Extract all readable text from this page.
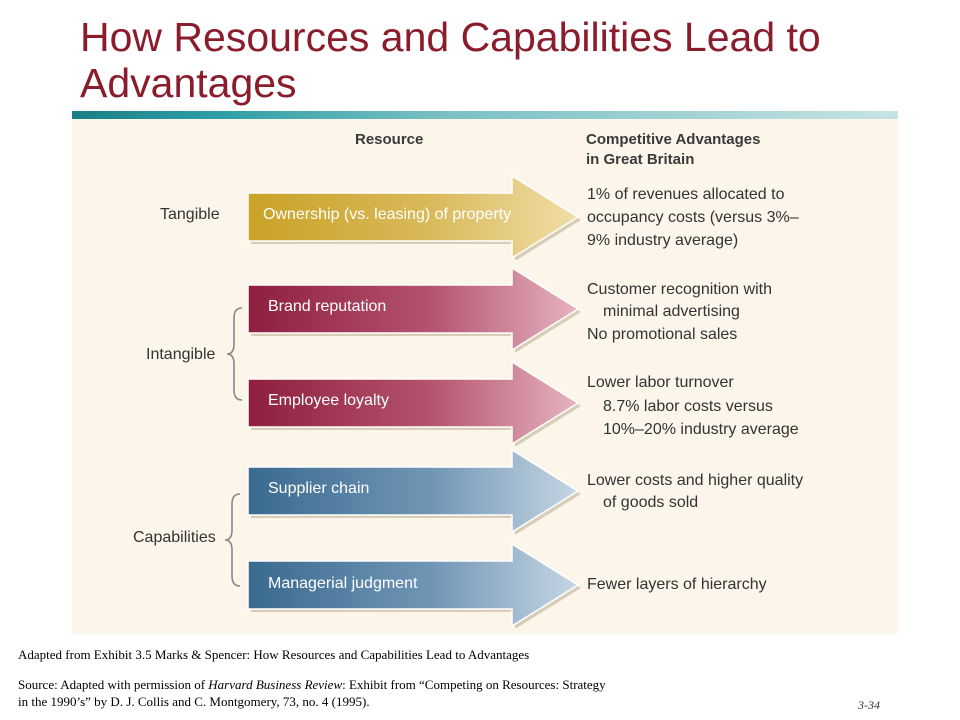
How Resources and Capabilities Lead to Advantages
Resource	Competitive Advantages
in Great Britain
Tangible
Intangible
Capabilities
Ownership (vs. leasing) of property
Brand reputation
Employee loyalty
Supplier chain
Managerial judgment
1% of revenues allocated to
occupancy costs (versus 3%–
9% industry average)
Customer recognition with
minimal advertising
No promotional sales
Lower labor turnover
8.7% labor costs versus
10%–20% industry average
Lower costs and higher quality
of goods sold
Fewer layers of hierarchy
Adapted from Exhibit 3.5 Marks & Spencer: How Resources and Capabilities Lead to Advantages
Source: Adapted with permission of Harvard Business Review: Exhibit from “Competing on Resources: Strategy
in the 1990’s” by D. J. Collis and C. Montgomery, 73, no. 4 (1995).	3-34
